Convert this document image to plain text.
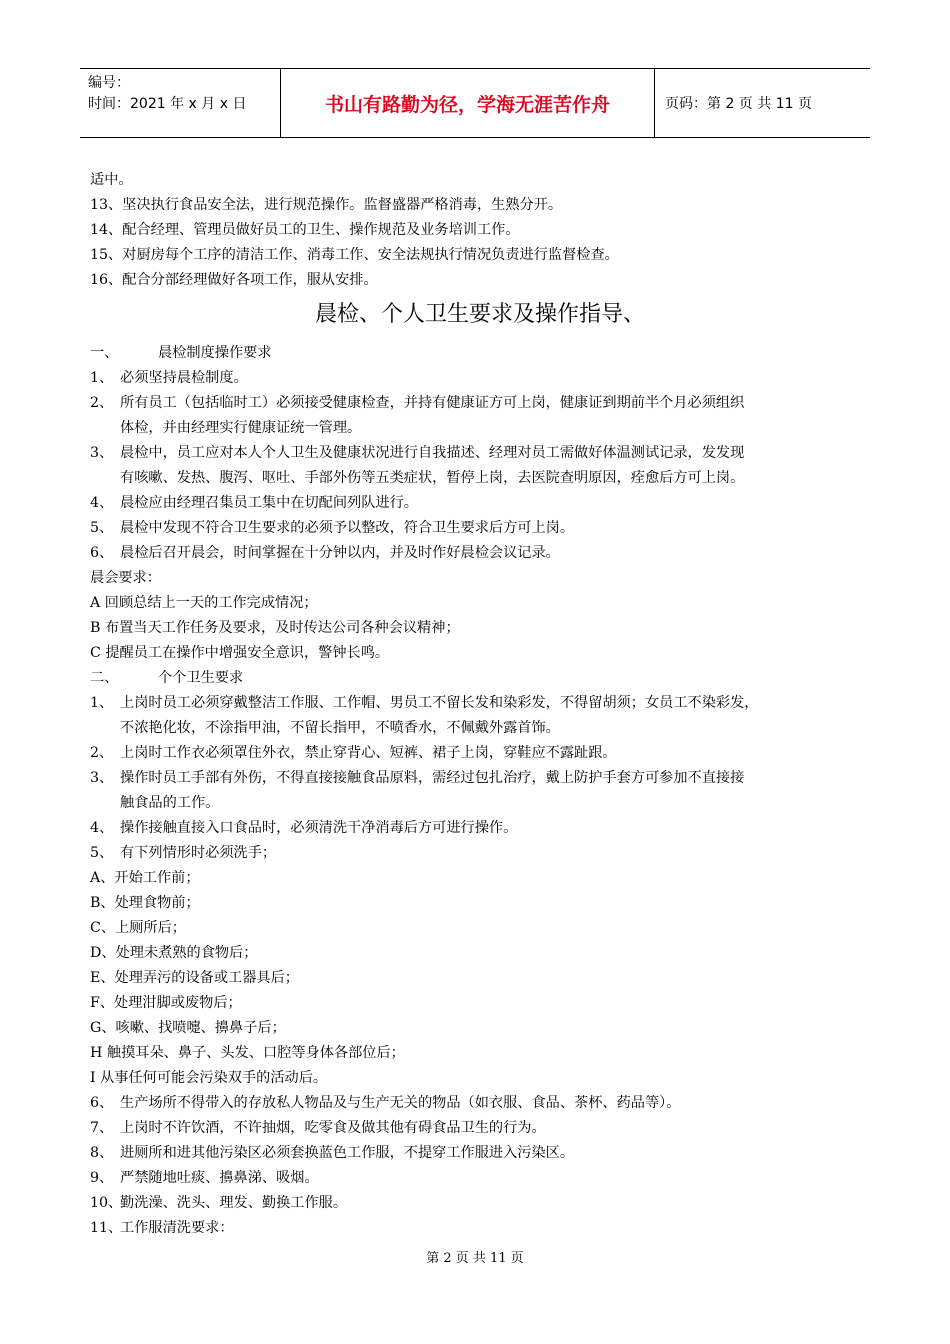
编号：
时间：2021 年 x 月 x 日	书山有路勤为径，学海无涯苦作舟	页码：第 2 页 共 11 页
适中。
13、坚决执行食品安全法，进行规范操作。监督盛器严格消毒，生熟分开。
14、配合经理、管理员做好员工的卫生、操作规范及业务培训工作。
15、对厨房每个工序的清洁工作、消毒工作、安全法规执行情况负责进行监督检查。
16、配合分部经理做好各项工作，服从安排。
晨检、个人卫生要求及操作指导、
一、	晨检制度操作要求
1、 必须坚持晨检制度。
2、 所有员工（包括临时工）必须接受健康检查，并持有健康证方可上岗，健康证到期前半个月必须组织
体检，并由经理实行健康证统一管理。
3、 晨检中，员工应对本人个人卫生及健康状况进行自我描述、经理对员工需做好体温测试记录，发发现
有咳嗽、发热、腹泻、呕吐、手部外伤等五类症状，暂停上岗，去医院查明原因，痊愈后方可上岗。
4、 晨检应由经理召集员工集中在切配间列队进行。
5、 晨检中发现不符合卫生要求的必须予以整改，符合卫生要求后方可上岗。
6、 晨检后召开晨会，时间掌握在十分钟以内，并及时作好晨检会议记录。
晨会要求：
A 回顾总结上一天的工作完成情况；
B 布置当天工作任务及要求，及时传达公司各种会议精神；
C 提醒员工在操作中增强安全意识，警钟长鸣。
二、	个个卫生要求
1、 上岗时员工必须穿戴整洁工作服、工作帽、男员工不留长发和染彩发，不得留胡须；女员工不染彩发，
不浓艳化妆，不涂指甲油，不留长指甲，不喷香水，不佩戴外露首饰。
2、 上岗时工作衣必须罩住外衣，禁止穿背心、短裤、裙子上岗，穿鞋应不露趾跟。
3、 操作时员工手部有外伤，不得直接接触食品原料，需经过包扎治疗，戴上防护手套方可参加不直接接
触食品的工作。
4、 操作接触直接入口食品时，必须清洗干净消毒后方可进行操作。
5、 有下列情形时必须洗手；
A、开始工作前；
B、处理食物前；
C、上厕所后；
D、处理未煮熟的食物后；
E、处理弄污的设备或工器具后；
F、处理泔脚或废物后；
G、咳嗽、找喷嚏、擤鼻子后；
H 触摸耳朵、鼻子、头发、口腔等身体各部位后；
I 从事任何可能会污染双手的活动后。
6、 生产场所不得带入的存放私人物品及与生产无关的物品（如衣服、食品、茶杯、药品等）。
7、 上岗时不许饮酒，不许抽烟，吃零食及做其他有碍食品卫生的行为。
8、 进厕所和进其他污染区必须套换蓝色工作服，不提穿工作服进入污染区。
9、 严禁随地吐痰、擤鼻涕、吸烟。
10、勤洗澡、洗头、理发、勤换工作服。
11、工作服清洗要求：
第 2 页 共 11 页
